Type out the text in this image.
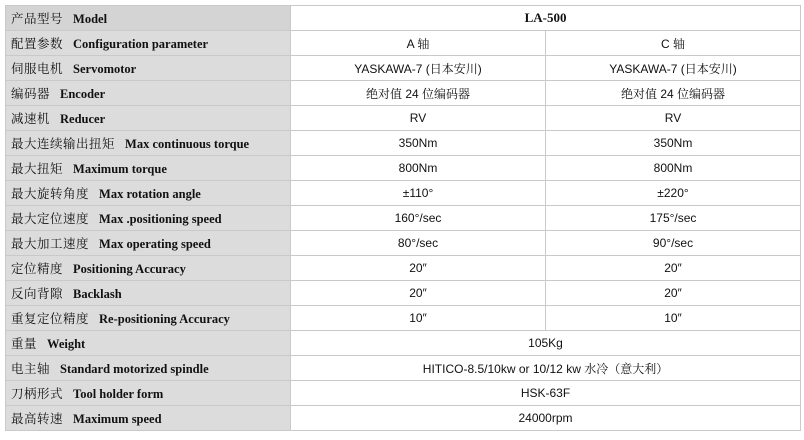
产品型号 Model	LA-500	
配置参数 Configuration parameter	A 轴	C 轴
伺服电机 Servomotor	YASKAWA-7 (日本安川)	YASKAWA-7 (日本安川)
编码器 Encoder	绝对值 24 位编码器	绝对值 24 位编码器
减速机 Reducer	RV	RV
最大连续输出扭矩 Max continuous torque	350Nm	350Nm
最大扭矩 Maximum torque	800Nm	800Nm
最大旋转角度 Max rotation angle	±110°	±220°
最大定位速度 Max .positioning speed	160°/sec	175°/sec
最大加工速度 Max operating speed	80°/sec	90°/sec
定位精度 Positioning Accuracy	20″	20″
反向背隙 Backlash	20″	20″
重复定位精度 Re-positioning Accuracy	10″	10″
重量 Weight	105Kg	
电主轴 Standard motorized spindle	HITICO-8.5/10kw or 10/12 kw 水冷（意大利）	
刀柄形式 Tool holder form	HSK-63F	
最高转速 Maximum speed	24000rpm	
